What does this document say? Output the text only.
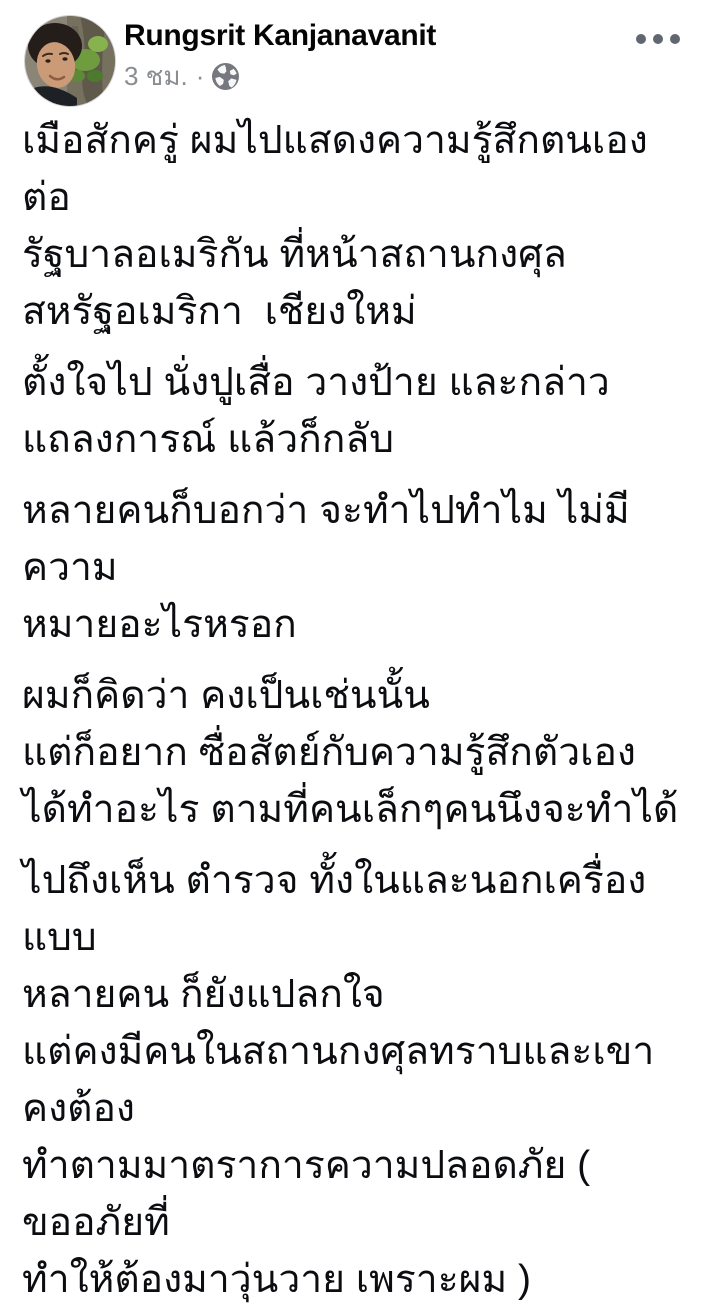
Rungsrit Kanjanavanit
3 ชม. ·
เมือสักครู่ ผมไปแสดงความรู้สึกตนเอง ต่อ
รัฐบาลอเมริกัน ที่หน้าสถานกงศุล
สหรัฐอเมริกา  เชียงใหม่
ตั้งใจไป นั่งปูเสื่อ วางป้าย และกล่าว
แถลงการณ์ แล้วก็กลับ
หลายคนก็บอกว่า จะทำไปทำไม ไม่มีความ
หมายอะไรหรอก
ผมก็คิดว่า คงเป็นเช่นนั้น
แต่ก็อยาก ซื่อสัตย์กับความรู้สึกตัวเอง
ได้ทำอะไร ตามที่คนเล็กๆคนนึงจะทำได้
ไปถึงเห็น ตำรวจ ทั้งในและนอกเครื่องแบบ
หลายคน ก็ยังแปลกใจ
แต่คงมีคนในสถานกงศุลทราบและเขาคงต้อง
ทำตามมาตราการความปลอดภัย ( ขออภัยที่
ทำให้ต้องมาวุ่นวาย เพราะผม )
